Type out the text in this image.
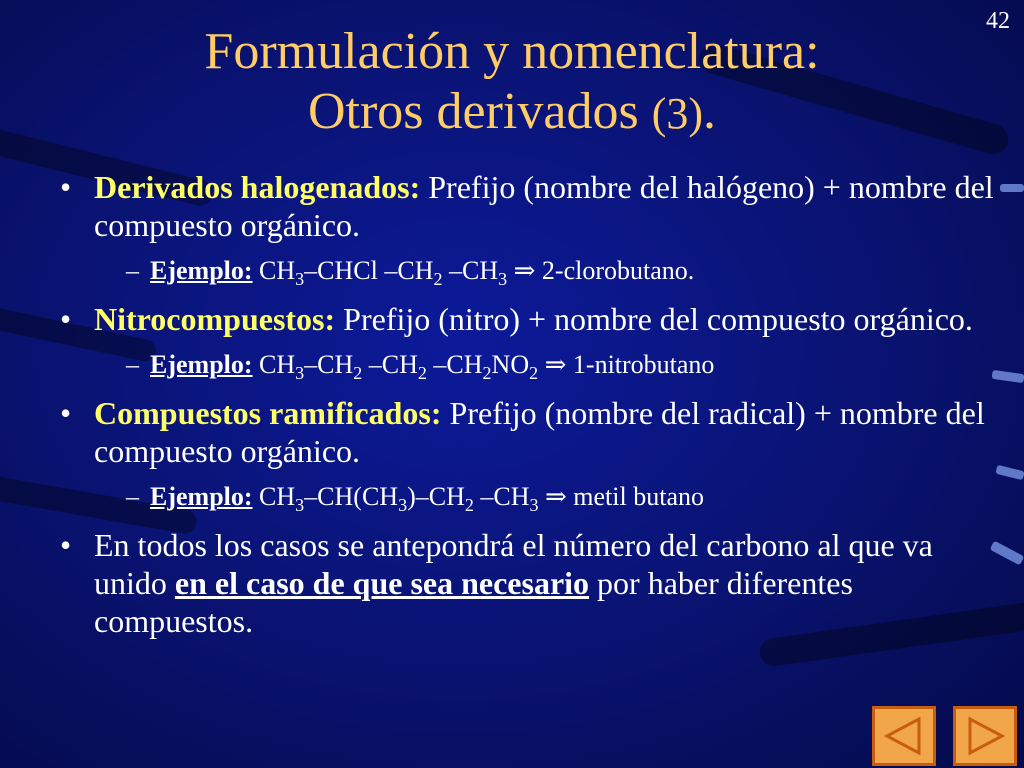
42
Formulación y nomenclatura:
Otros derivados (3).
• Derivados halogenados: Prefijo (nombre del halógeno) + nombre del compuesto orgánico.
– Ejemplo: $CH_3$–CHCl $-CH_2$ $-CH_3$ ⇒ 2-clorobutano.
• Nitrocompuestos: Prefijo (nitro) + nombre del compuesto orgánico.
– Ejemplo: $CH_3-CH_2$ $-CH_2$ $-CH_2NO_2$ ⇒ 1-nitrobutano
• Compuestos ramificados: Prefijo (nombre del radical) + nombre del compuesto orgánico.
– Ejemplo: $CH_3-CH(CH_3)-CH_2$ $-CH_3$ ⇒ metil butano
• En todos los casos se antepondrá el número del carbono al que va unido en el caso de que sea necesario por haber diferentes compuestos.
